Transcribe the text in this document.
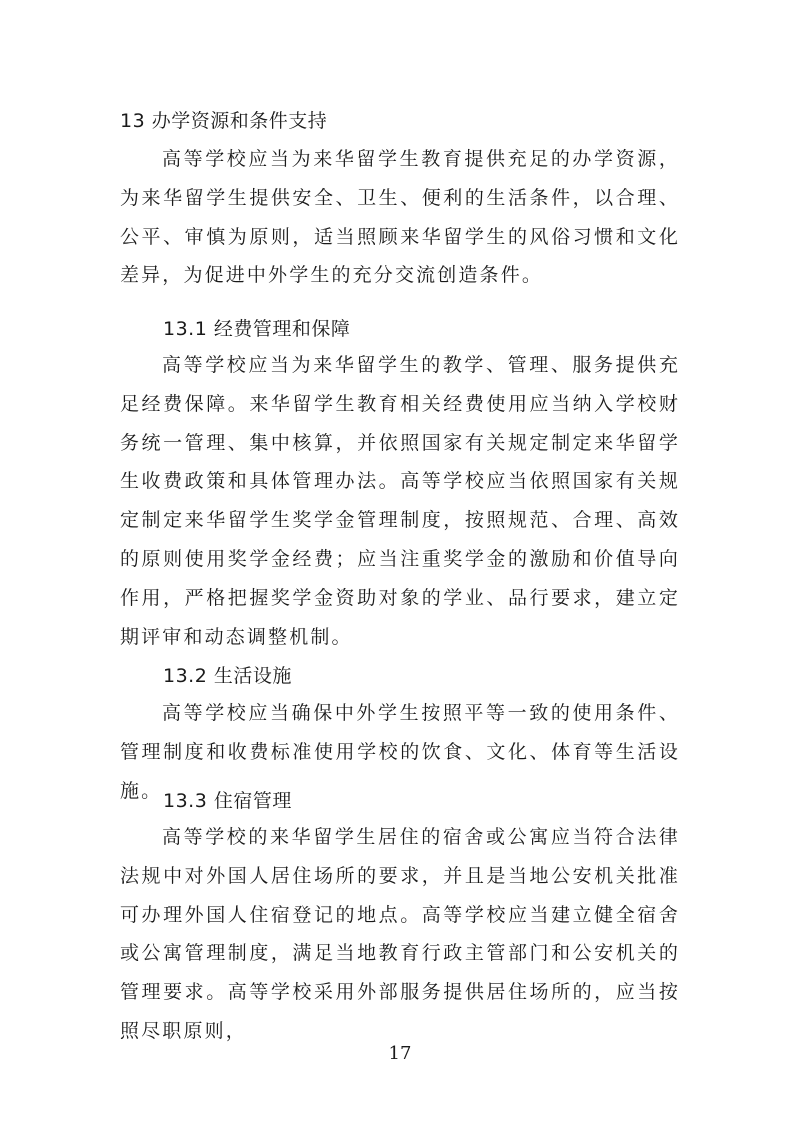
13 办学资源和条件支持

高等学校应当为来华留学生教育提供充足的办学资源，为来华留学生提供安全、卫生、便利的生活条件，以合理、公平、审慎为原则，适当照顾来华留学生的风俗习惯和文化差异，为促进中外学生的充分交流创造条件。

13.1 经费管理和保障

高等学校应当为来华留学生的教学、管理、服务提供充足经费保障。来华留学生教育相关经费使用应当纳入学校财务统一管理、集中核算，并依照国家有关规定制定来华留学生收费政策和具体管理办法。高等学校应当依照国家有关规定制定来华留学生奖学金管理制度，按照规范、合理、高效的原则使用奖学金经费；应当注重奖学金的激励和价值导向作用，严格把握奖学金资助对象的学业、品行要求，建立定期评审和动态调整机制。

13.2 生活设施

高等学校应当确保中外学生按照平等一致的使用条件、管理制度和收费标准使用学校的饮食、文化、体育等生活设施。 13.3 住宿管理

高等学校的来华留学生居住的宿舍或公寓应当符合法律法规中对外国人居住场所的要求，并且是当地公安机关批准可办理外国人住宿登记的地点。高等学校应当建立健全宿舍或公寓管理制度，满足当地教育行政主管部门和公安机关的管理要求。高等学校采用外部服务提供居住场所的，应当按照尽职原则，

17
